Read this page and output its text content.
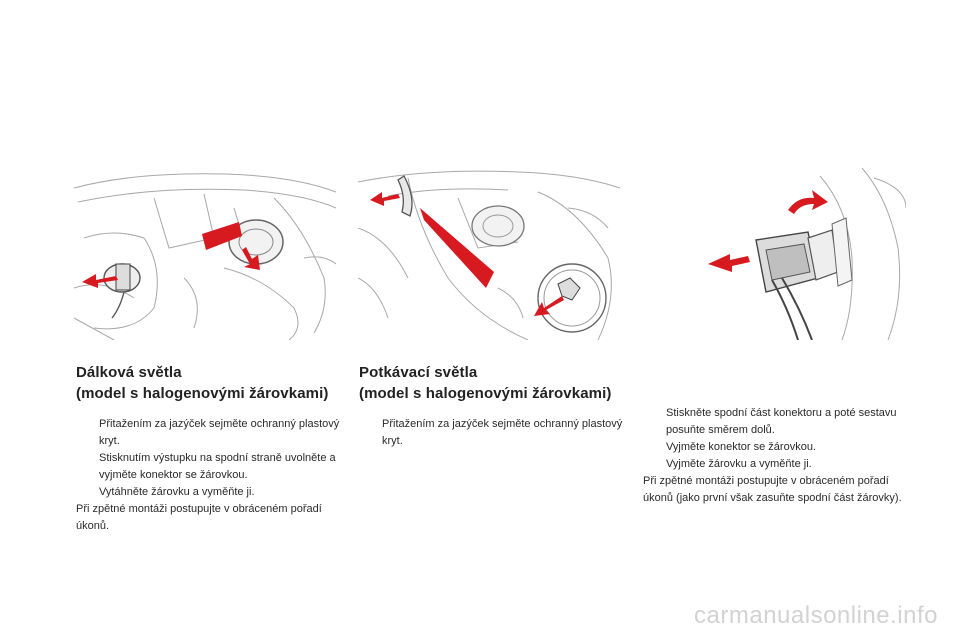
Dálková světla
(model s halogenovými žárovkami)
Přitažením za jazýček sejměte ochranný plastový kryt.
Stisknutím výstupku na spodní straně uvolněte a vyjměte konektor se žárovkou.
Vytáhněte žárovku a vyměňte ji.

Při zpětné montáži postupujte v obráceném pořadí úkonů.

Potkávací světla
(model s halogenovými žárovkami)
Přitažením za jazýček sejměte ochranný plastový kryt.
Stiskněte spodní část konektoru a poté sestavu posuňte směrem dolů.
Vyjměte konektor se žárovkou.
Vyjměte žárovku a vyměňte ji.

Při zpětné montáži postupujte v obráceném pořadí úkonů (jako první však zasuňte spodní část žárovky).

carmanualsonline.info
